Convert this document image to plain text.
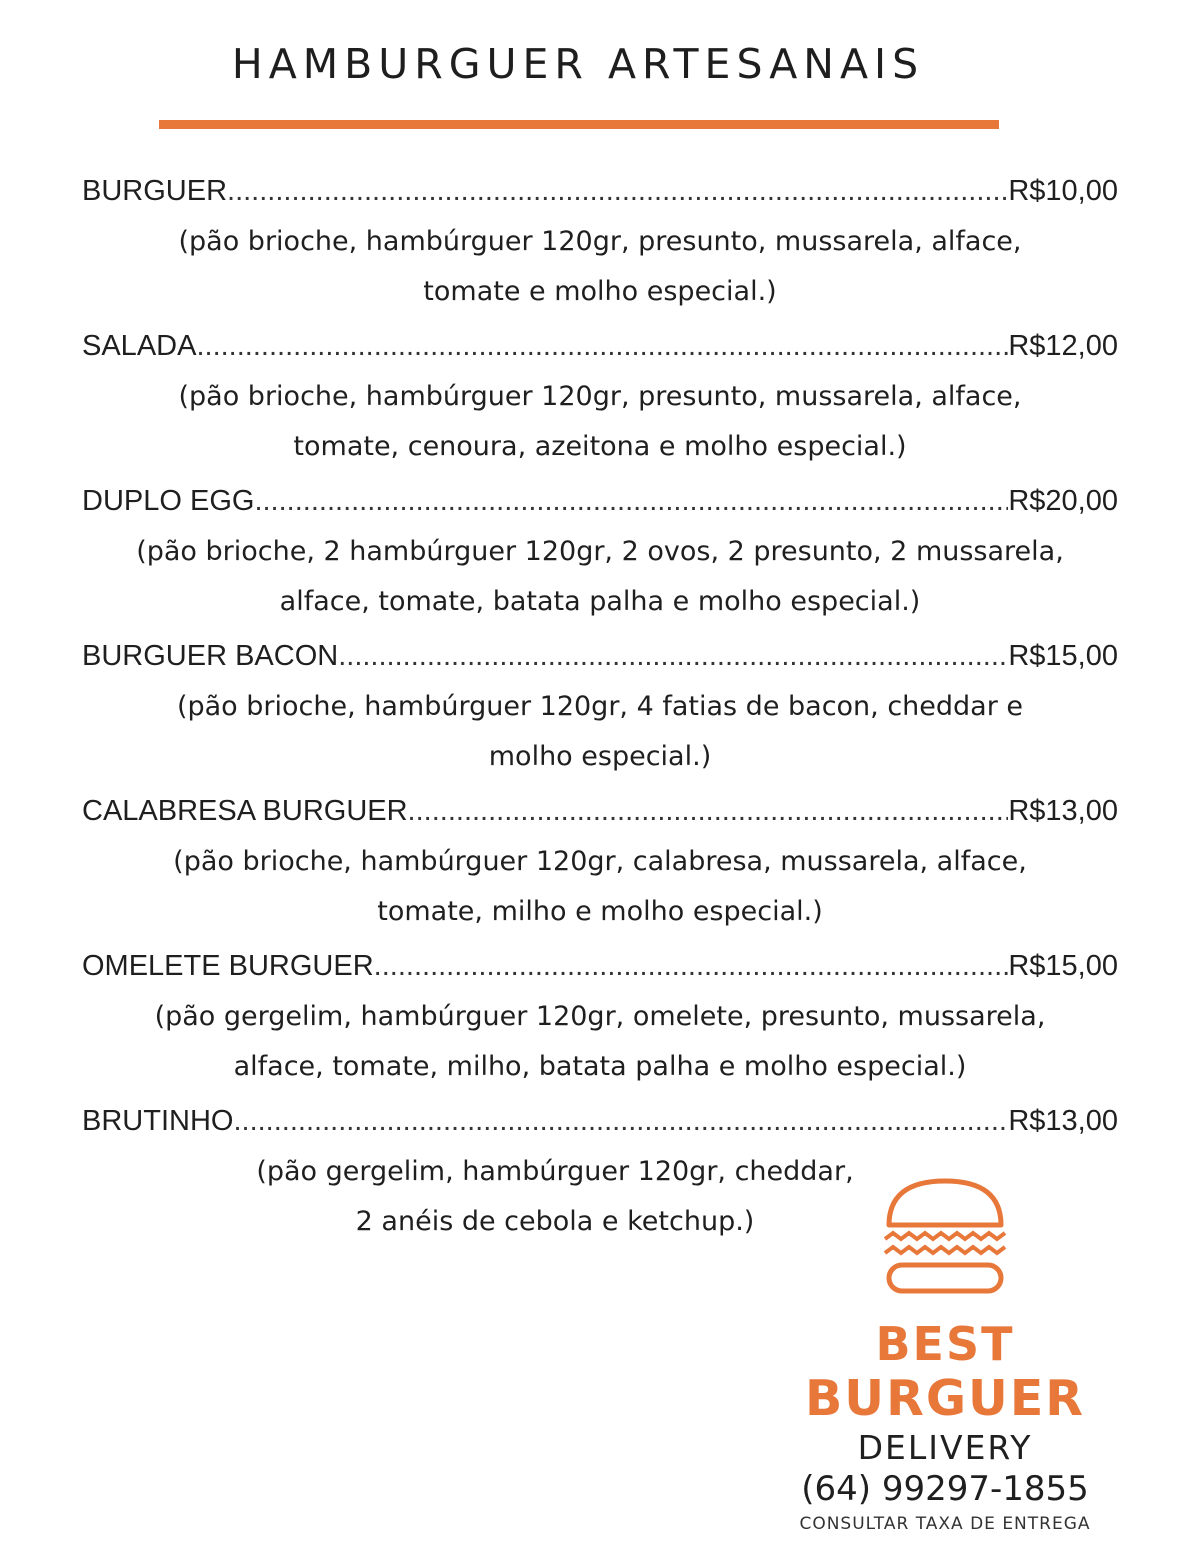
HAMBURGUER ARTESANAIS
BURGUER .....	R$10,00
(pão brioche, hambúrguer 120gr, presunto, mussarela, alface,
tomate e molho especial.)
SALADA .....	R$12,00
(pão brioche, hambúrguer 120gr, presunto, mussarela, alface,
tomate, cenoura, azeitona e molho especial.)
DUPLO EGG .....	R$20,00
(pão brioche, 2 hambúrguer 120gr, 2 ovos, 2 presunto, 2 mussarela,
alface, tomate, batata palha e molho especial.)
BURGUER BACON .....	R$15,00
(pão brioche, hambúrguer 120gr, 4 fatias de bacon, cheddar e
molho especial.)
CALABRESA BURGUER .....	R$13,00
(pão brioche, hambúrguer 120gr, calabresa, mussarela, alface,
tomate, milho e molho especial.)
OMELETE BURGUER .....	R$15,00
(pão gergelim, hambúrguer 120gr, omelete, presunto, mussarela,
alface, tomate, milho, batata palha e molho especial.)
BRUTINHO .....	R$13,00
(pão gergelim, hambúrguer 120gr, cheddar,
2 anéis de cebola e ketchup.)
BEST
BURGUER
DELIVERY
(64) 99297-1855
CONSULTAR TAXA DE ENTREGA
